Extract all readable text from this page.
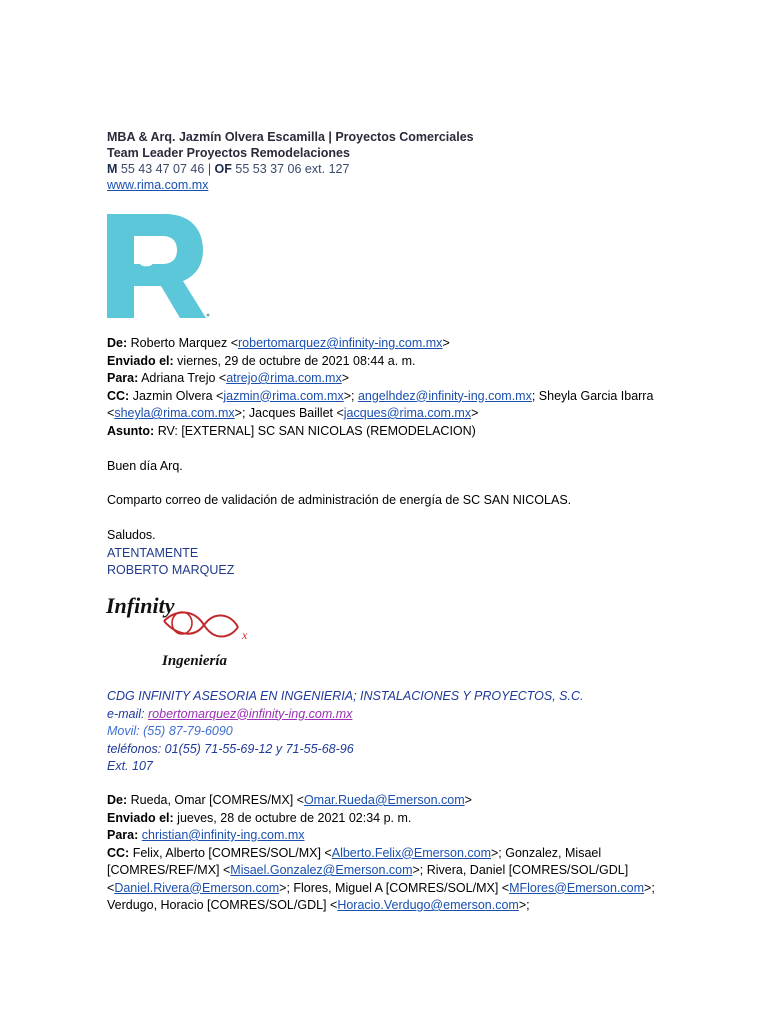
MBA & Arq. Jazmín Olvera Escamilla | Proyectos Comerciales
Team Leader Proyectos Remodelaciones
M 55 43 47 07 46 | OF 55 53 37 06 ext. 127
www.rima.com.mx
s
De: Roberto Marquez <robertomarquez@infinity-ing.com.mx>
Enviado el: viernes, 29 de octubre de 2021 08:44 a. m.
Para: Adriana Trejo <atrejo@rima.com.mx>
CC: Jazmin Olvera <jazmin@rima.com.mx>; angelhdez@infinity-ing.com.mx; Sheyla Garcia Ibarra
<sheyla@rima.com.mx>; Jacques Baillet <jacques@rima.com.mx>
Asunto: RV: [EXTERNAL] SC SAN NICOLAS (REMODELACION)
Buen día Arq.
Comparto correo de validación de administración de energía de SC SAN NICOLAS.
Saludos.
ATENTAMENTE
ROBERTO MARQUEZ
Infinity
x
Ingeniería
CDG INFINITY ASESORIA EN INGENIERIA; INSTALACIONES Y PROYECTOS, S.C.
e-mail: robertomarquez@infinity-ing.com.mx
Movil: (55) 87-79-6090
teléfonos: 01(55) 71-55-69-12 y 71-55-68-96
Ext. 107
De: Rueda, Omar [COMRES/MX] <Omar.Rueda@Emerson.com>
Enviado el: jueves, 28 de octubre de 2021 02:34 p. m.
Para: christian@infinity-ing.com.mx
CC: Felix, Alberto [COMRES/SOL/MX] <Alberto.Felix@Emerson.com>; Gonzalez, Misael
[COMRES/REF/MX] <Misael.Gonzalez@Emerson.com>; Rivera, Daniel [COMRES/SOL/GDL]
<Daniel.Rivera@Emerson.com>; Flores, Miguel A [COMRES/SOL/MX] <MFlores@Emerson.com>;
Verdugo, Horacio [COMRES/SOL/GDL] <Horacio.Verdugo@emerson.com>;
